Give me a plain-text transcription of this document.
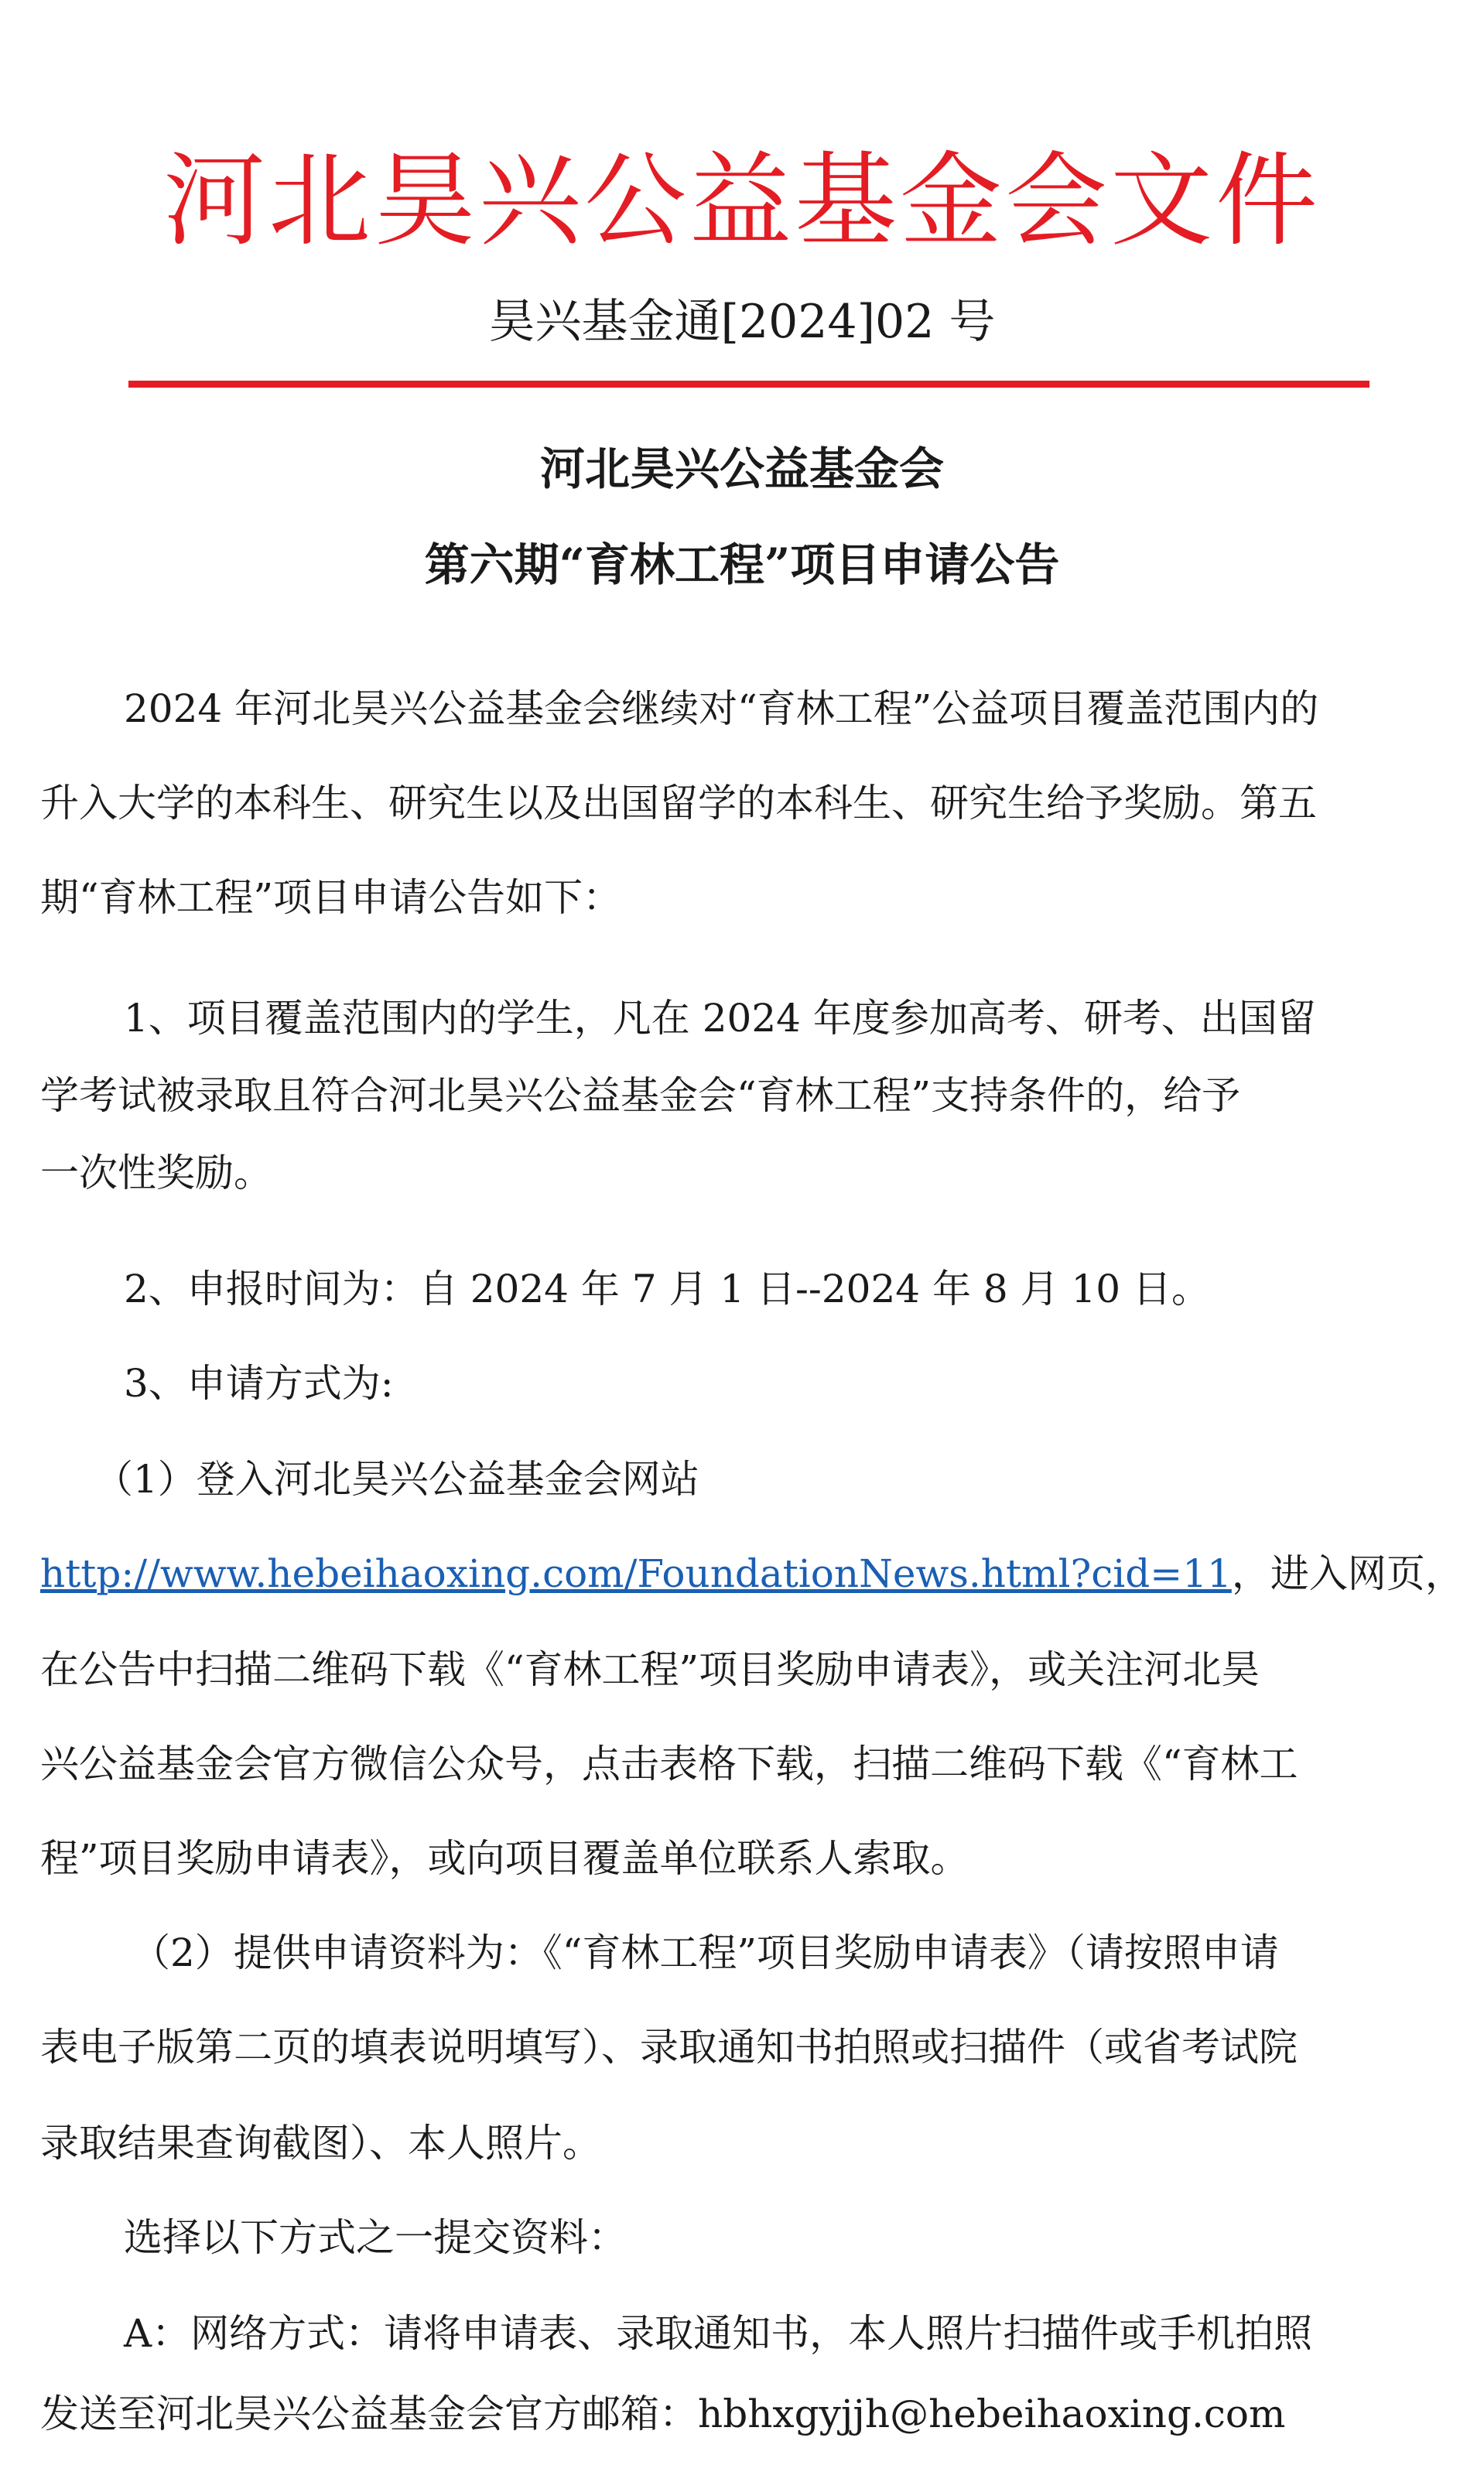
河北昊兴公益基金会文件
昊兴基金通[2024]02 号
河北昊兴公益基金会
第六期“育林工程”项目申请公告
2024 年河北昊兴公益基金会继续对“育林工程”公益项目覆盖范围内的
升入大学的本科生、研究生以及出国留学的本科生、研究生给予奖励。第五
期“育林工程”项目申请公告如下：
1、项目覆盖范围内的学生，凡在 2024 年度参加高考、研考、出国留
学考试被录取且符合河北昊兴公益基金会“育林工程”支持条件的，给予
一次性奖励。
2、申报时间为：自 2024 年 7 月 1 日--2024 年 8 月 10 日。
3、申请方式为:
（1）登入河北昊兴公益基金会网站
http://www.hebeihaoxing.com/FoundationNews.html?cid=11，进入网页，
在公告中扫描二维码下载《“育林工程”项目奖励申请表》，或关注河北昊
兴公益基金会官方微信公众号，点击表格下载，扫描二维码下载《“育林工
程”项目奖励申请表》，或向项目覆盖单位联系人索取。
（2）提供申请资料为：《“育林工程”项目奖励申请表》（请按照申请
表电子版第二页的填表说明填写）、录取通知书拍照或扫描件（或省考试院
录取结果查询截图）、本人照片。
选择以下方式之一提交资料：
A：网络方式：请将申请表、录取通知书，本人照片扫描件或手机拍照
发送至河北昊兴公益基金会官方邮箱：hbhxgyjjh@hebeihaoxing.com
